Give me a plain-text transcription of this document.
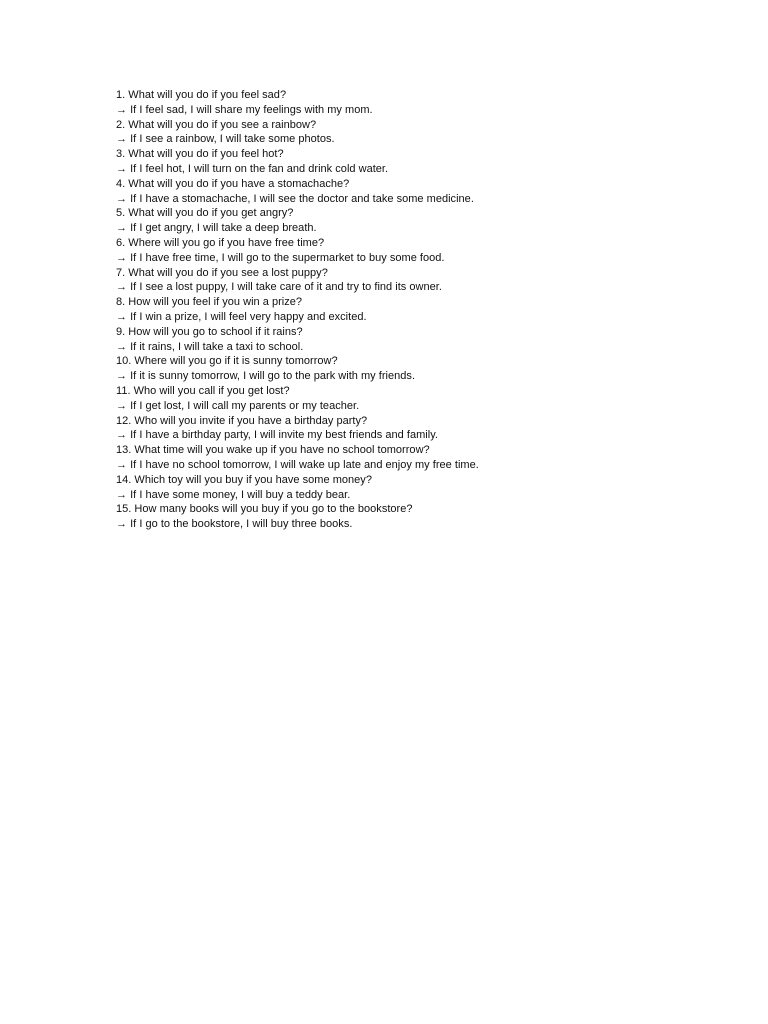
1. What will you do if you feel sad?
→ If I feel sad, I will share my feelings with my mom.
2. What will you do if you see a rainbow?
→ If I see a rainbow, I will take some photos.
3. What will you do if you feel hot?
→ If I feel hot, I will turn on the fan and drink cold water.
4. What will you do if you have a stomachache?
→ If I have a stomachache, I will see the doctor and take some medicine.
5. What will you do if you get angry?
→ If I get angry, I will take a deep breath.
6. Where will you go if you have free time?
→ If I have free time, I will go to the supermarket to buy some food.
7. What will you do if you see a lost puppy?
→ If I see a lost puppy, I will take care of it and try to find its owner.
8. How will you feel if you win a prize?
→ If I win a prize, I will feel very happy and excited.
9. How will you go to school if it rains?
→ If it rains, I will take a taxi to school.
10. Where will you go if it is sunny tomorrow?
→ If it is sunny tomorrow, I will go to the park with my friends.
11. Who will you call if you get lost?
→ If I get lost, I will call my parents or my teacher.
12. Who will you invite if you have a birthday party?
→ If I have a birthday party, I will invite my best friends and family.
13. What time will you wake up if you have no school tomorrow?
→ If I have no school tomorrow, I will wake up late and enjoy my free time.
14. Which toy will you buy if you have some money?
→ If I have some money, I will buy a teddy bear.
15. How many books will you buy if you go to the bookstore?
→ If I go to the bookstore, I will buy three books.
